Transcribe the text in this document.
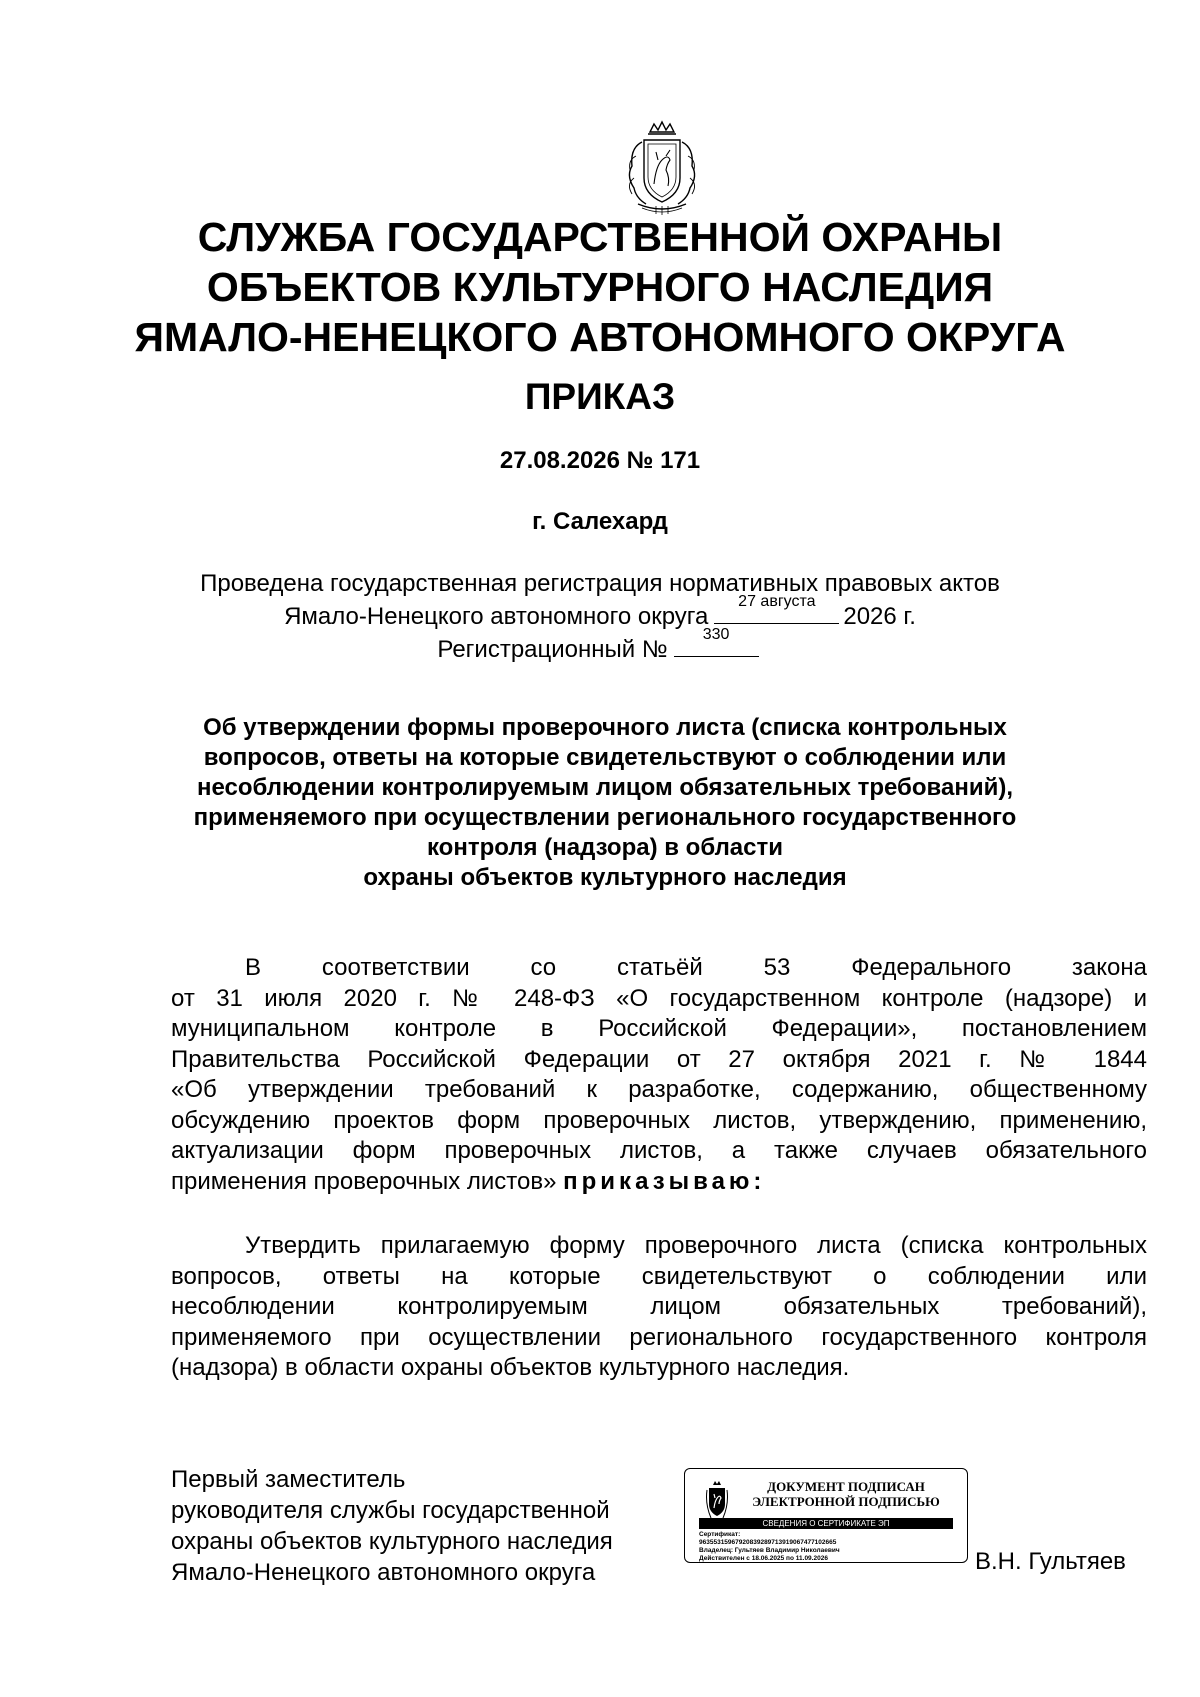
СЛУЖБА ГОСУДАРСТВЕННОЙ ОХРАНЫ
ОБЪЕКТОВ КУЛЬТУРНОГО НАСЛЕДИЯ
ЯМАЛО-НЕНЕЦКОГО АВТОНОМНОГО ОКРУГА
ПРИКАЗ
27.08.2026 № 171
г. Салехард
Проведена государственная регистрация нормативных правовых актов
Ямало-Ненецкого автономного округа
27 августа
2026 г.
Регистрационный №
330
Об утверждении формы проверочного листа (списка контрольных
вопросов, ответы на которые свидетельствуют о соблюдении или
несоблюдении контролируемым лицом обязательных требований),
применяемого при осуществлении регионального государственного
контроля (надзора) в области
охраны объектов культурного наследия
В соответствии со статьёй 53 Федерального закона
от 31 июля 2020 г. № 248-ФЗ «О государственном контроле (надзоре) и
муниципальном контроле в Российской Федерации», постановлением
Правительства Российской Федерации от 27 октября 2021 г. № 1844
«Об утверждении требований к разработке, содержанию, общественному
обсуждению проектов форм проверочных листов, утверждению, применению,
актуализации форм проверочных листов, а также случаев обязательного
применения проверочных листов» приказываю:
Утвердить прилагаемую форму проверочного листа (списка контрольных
вопросов, ответы на которые свидетельствуют о соблюдении или
несоблюдении контролируемым лицом обязательных требований),
применяемого при осуществлении регионального государственного контроля
(надзора) в области охраны объектов культурного наследия.
Первый заместитель
руководителя службы государственной
охраны объектов культурного наследия
Ямало-Ненецкого автономного округа
ДОКУМЕНТ ПОДПИСАН
ЭЛЕКТРОННОЙ ПОДПИСЬЮ
СВЕДЕНИЯ О СЕРТИФИКАТЕ ЭП
Сертификат:
96355315967920839289713919067477102665
Владелец: Гультяев Владимир Николаевич
Действителен с 18.06.2025 по 11.09.2026	В.Н. Гультяев
